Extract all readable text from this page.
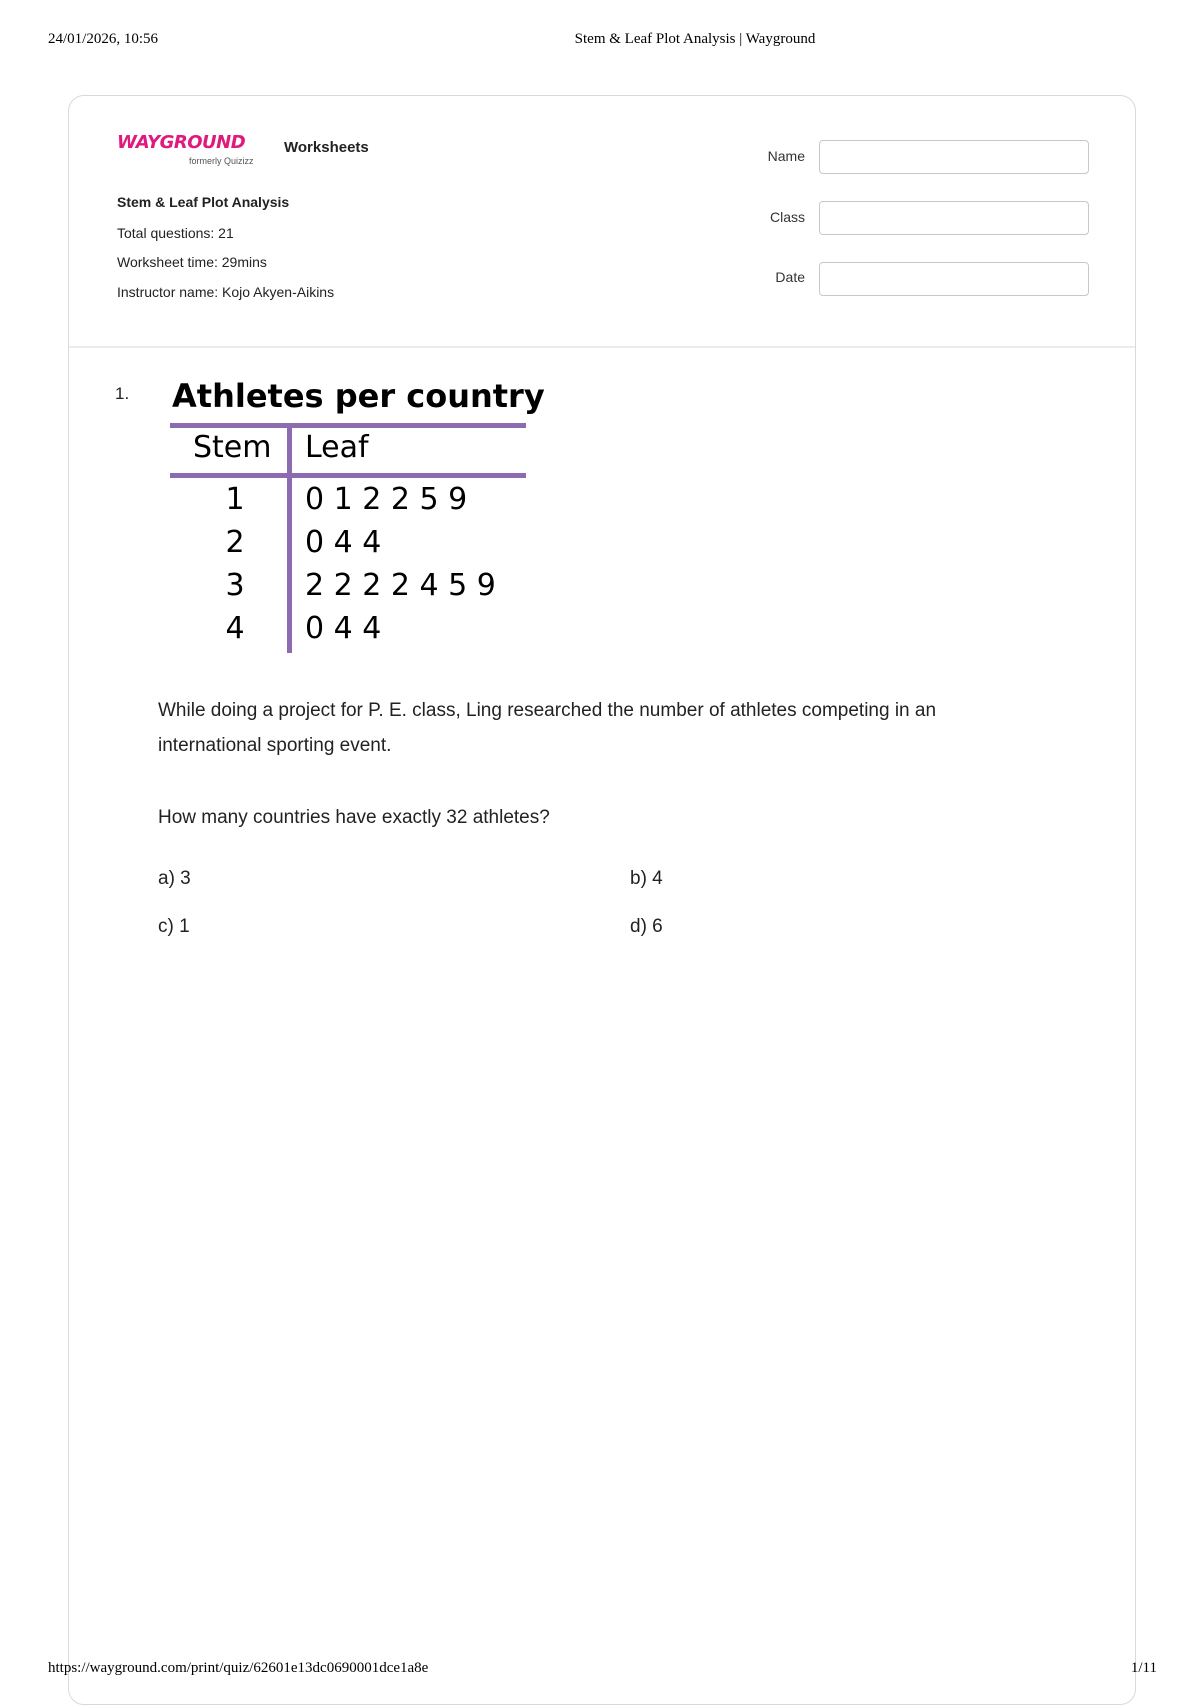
24/01/2026, 10:56	Stem & Leaf Plot Analysis | Wayground
WAYGROUND
formerly Quizizz
Worksheets
Stem & Leaf Plot Analysis
Total questions: 21
Worksheet time: 29mins
Instructor name: Kojo Akyen-Aikins
Name
Class
Date
1. Athletes per country
Stem Leaf
1	0 1 2 2 5 9
2	0 4 4
3	2 2 2 2 4 5 9
4	0 4 4
While doing a project for P. E. class, Ling researched the number of athletes competing in an
international sporting event.
How many countries have exactly 32 athletes?
a) 3	b) 4
c) 1	d) 6
https://wayground.com/print/quiz/62601e13dc0690001dce1a8e	1/11
